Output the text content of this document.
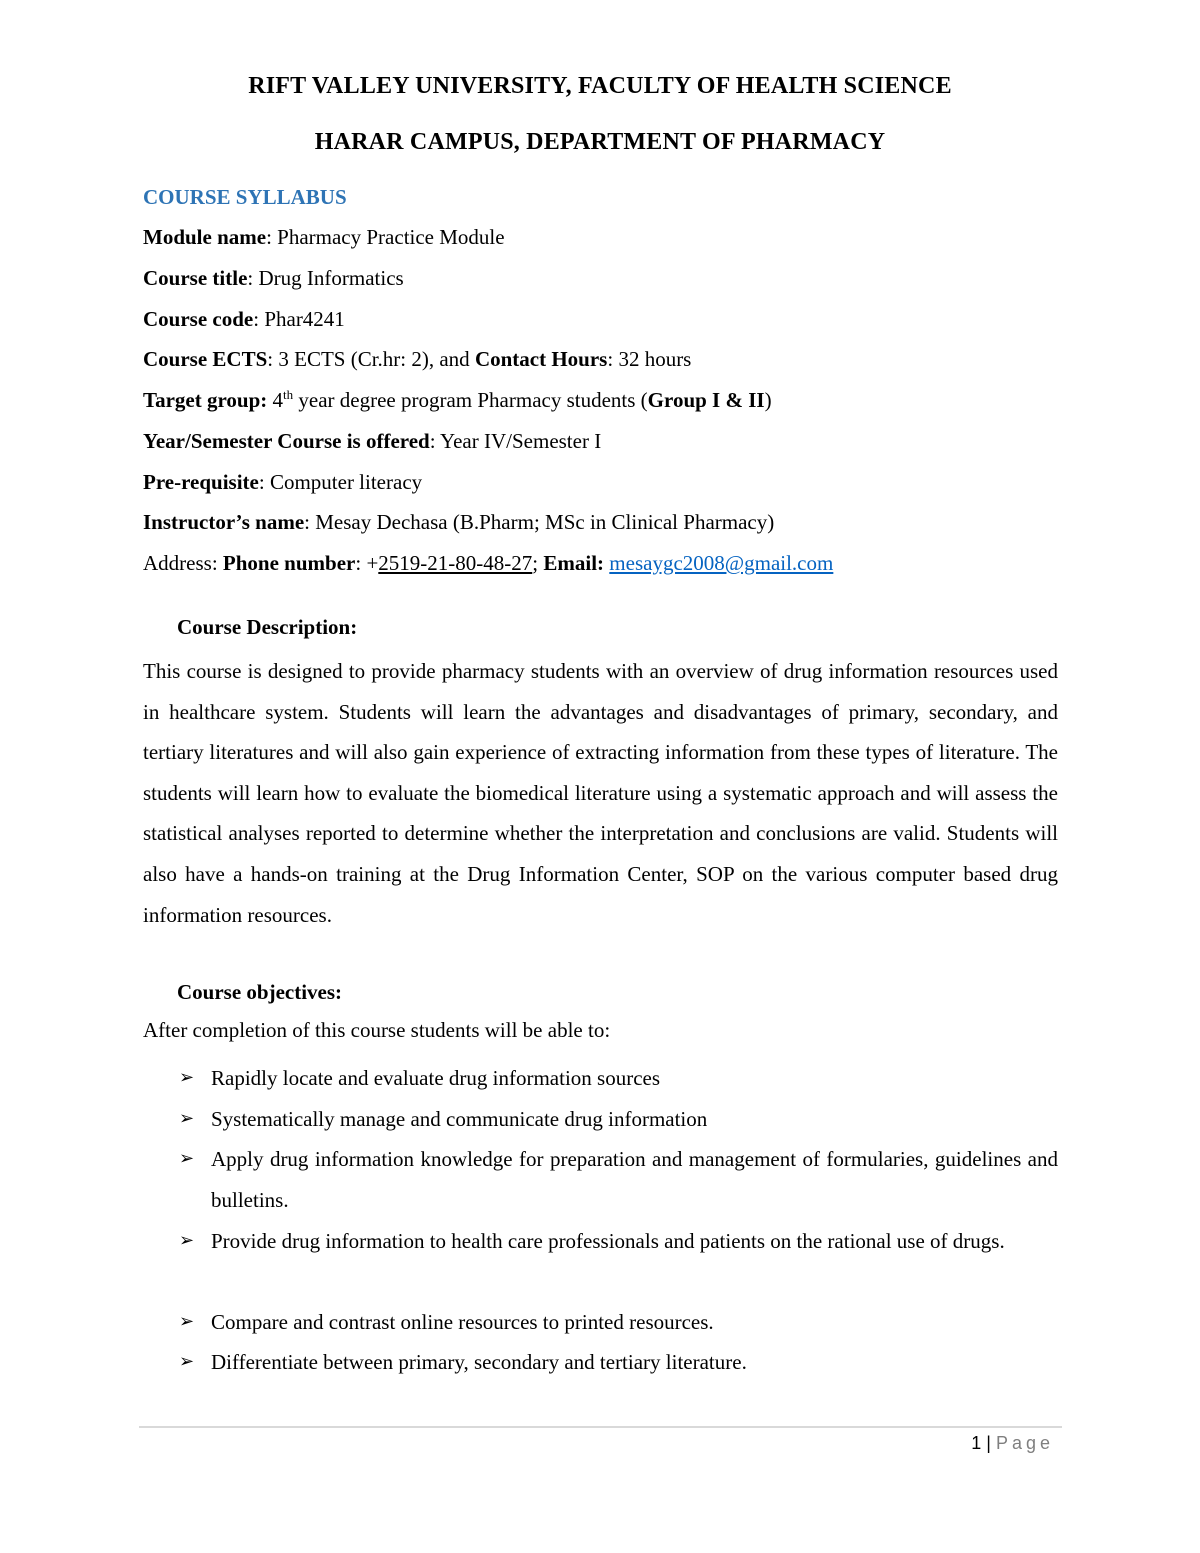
RIFT VALLEY UNIVERSITY, FACULTY OF HEALTH SCIENCE
HARAR CAMPUS, DEPARTMENT OF PHARMACY
COURSE SYLLABUS
Module name: Pharmacy Practice Module
Course title: Drug Informatics
Course code: Phar4241
Course ECTS: 3 ECTS (Cr.hr: 2), and Contact Hours: 32 hours
Target group: 4th year degree program Pharmacy students (Group I & II)
Year/Semester Course is offered: Year IV/Semester I
Pre-requisite: Computer literacy
Instructor’s name: Mesay Dechasa (B.Pharm; MSc in Clinical Pharmacy)
Address: Phone number: +2519-21-80-48-27; Email: mesaygc2008@gmail.com
Course Description:

This course is designed to provide pharmacy students with an overview of drug information resources used in healthcare system. Students will learn the advantages and disadvantages of primary, secondary, and tertiary literatures and will also gain experience of extracting information from these types of literature. The students will learn how to evaluate the biomedical literature using a systematic approach and will assess the statistical analyses reported to determine whether the interpretation and conclusions are valid. Students will also have a hands-on training at the Drug Information Center, SOP on the various computer based drug information resources.

Course objectives:
After completion of this course students will be able to:
➢ Rapidly locate and evaluate drug information sources
➢ Systematically manage and communicate drug information
➢ Apply drug information knowledge for preparation and management of formularies, guidelines and bulletins.
➢ Provide drug information to health care professionals and patients on the rational use of drugs.
➢ Compare and contrast online resources to printed resources.
➢ Differentiate between primary, secondary and tertiary literature.
1 | Page
